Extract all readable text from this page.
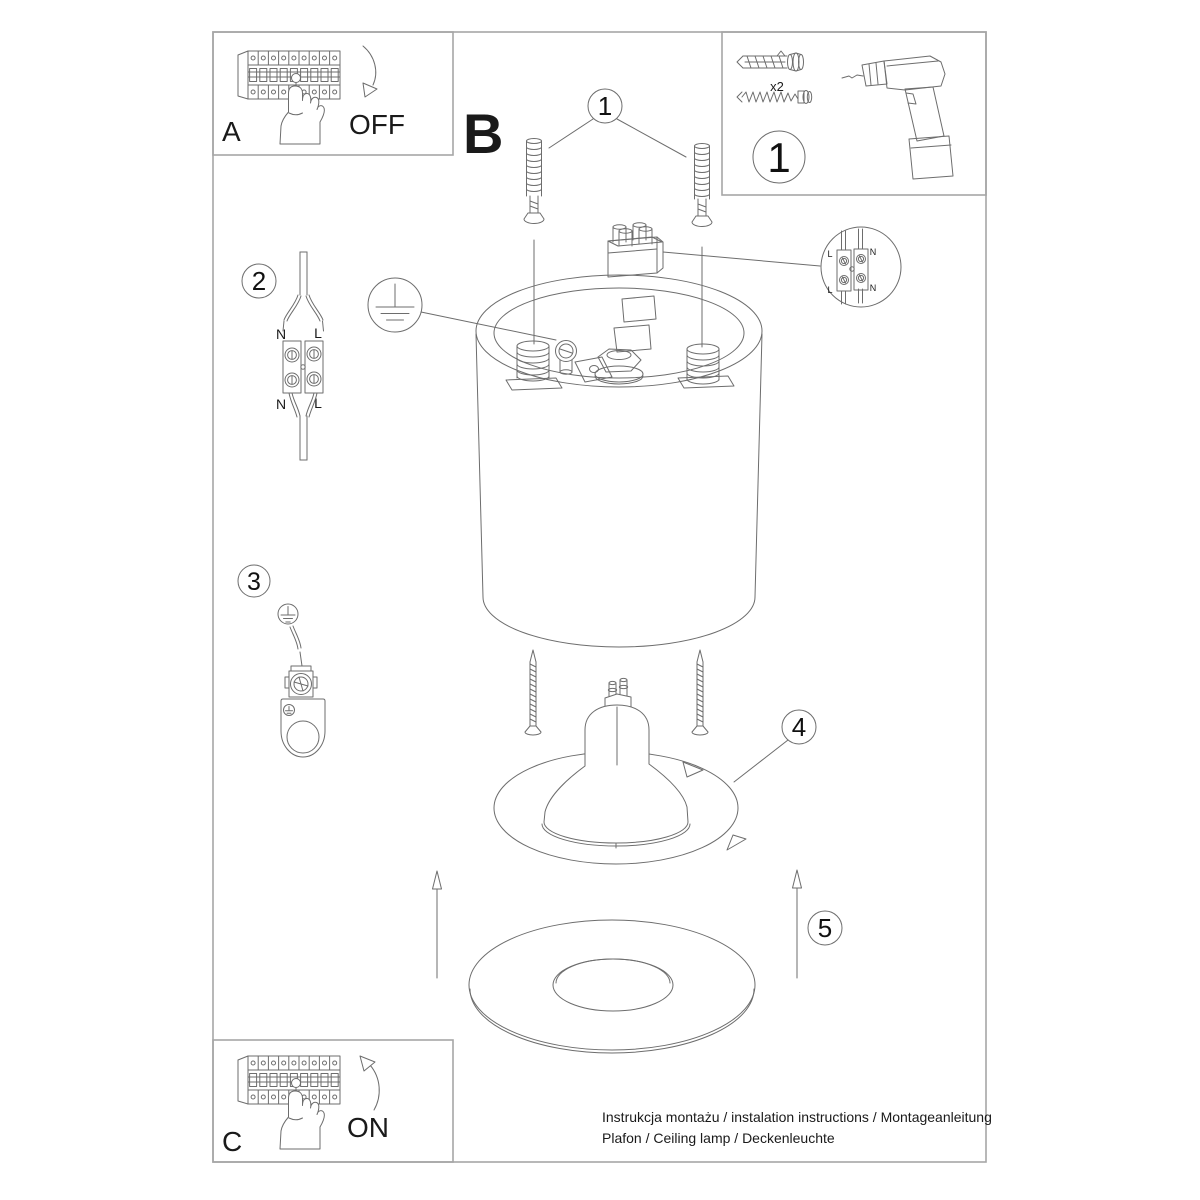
A	OFF
x2
1
B	1
L	N
L	N
2
N L
N L
3
4
5
C	ON	Instrukcja montażu / instalation instructions / Montageanleitung
Plafon / Ceiling lamp / Deckenleuchte
